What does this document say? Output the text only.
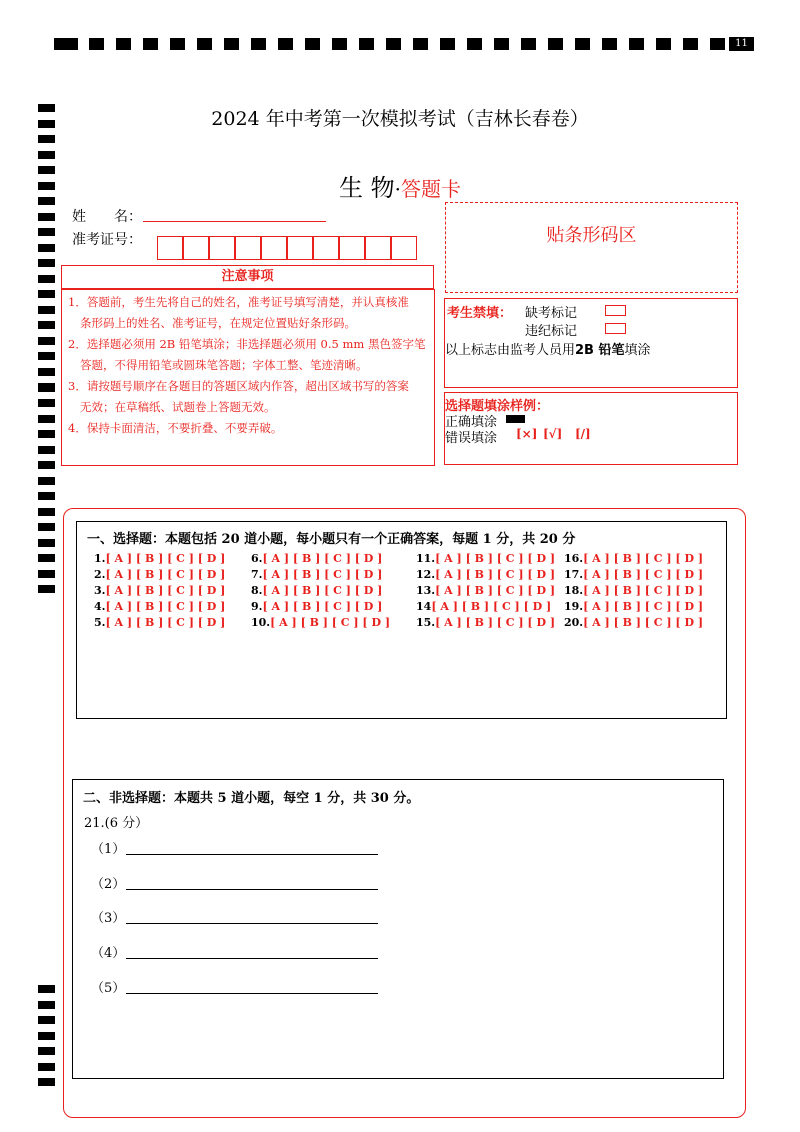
11
2024 年中考第一次模拟考试（吉林长春卷）
生 物·答题卡
姓　　名：
准考证号：	贴条形码区
注意事项

1．答题前，考生先将自己的姓名，准考证号填写清楚，并认真核准

条形码上的姓名、准考证号，在规定位置贴好条形码。

2．选择题必须用 2B 铅笔填涂；非选择题必须用 0.5 mm 黑色签字笔

答题，不得用铅笔或圆珠笔答题；字体工整、笔迹清晰。

3．请按题号顺序在各题目的答题区域内作答，超出区域书写的答案

无效；在草稿纸、试题卷上答题无效。

4．保持卡面清洁，不要折叠、不要弄破。

考生禁填： 缺考标记
违纪标记
以上标志由监考人员用2B 铅笔填涂
选择题填涂样例：
正确填涂
错误填涂 [×] [√] [/]
一、选择题：本题包括 20 道小题，每小题只有一个正确答案，每题 1 分，共 20 分
1.[ A ] [ B ] [ C ] [ D ]
2.[ A ] [ B ] [ C ] [ D ]
3.[ A ] [ B ] [ C ] [ D ]
4.[ A ] [ B ] [ C ] [ D ]
5.[ A ] [ B ] [ C ] [ D ]
6.[ A ] [ B ] [ C ] [ D ]
7.[ A ] [ B ] [ C ] [ D ]
8.[ A ] [ B ] [ C ] [ D ]
9.[ A ] [ B ] [ C ] [ D ]
10.[ A ] [ B ] [ C ] [ D ]
11.[ A ] [ B ] [ C ] [ D ]
12.[ A ] [ B ] [ C ] [ D ]
13.[ A ] [ B ] [ C ] [ D ]
14[ A ] [ B ] [ C ] [ D ]
15.[ A ] [ B ] [ C ] [ D ]
16.[ A ] [ B ] [ C ] [ D ]
17.[ A ] [ B ] [ C ] [ D ]
18.[ A ] [ B ] [ C ] [ D ]
19.[ A ] [ B ] [ C ] [ D ]
20.[ A ] [ B ] [ C ] [ D ]
二、非选择题：本题共 5 道小题，每空 1 分，共 30 分。
21.(6 分）
（1）
（2）
（3）
（4）
（5）
